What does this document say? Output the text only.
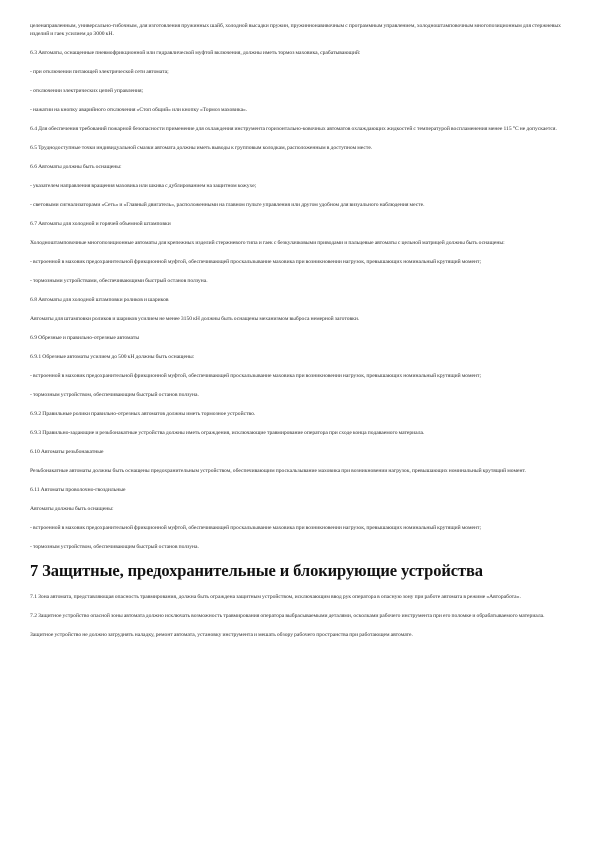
целенаправленным, универсально-гибочным, для изготовления пружинных шайб, холодной высадки пружин, пружиннонавивочным с программным управлением, холодноштамповочным многопозиционным для стержневых изделий и гаек усилием до 3000 кН.

6.3 Автоматы, оснащенные пневмофрикционной или гидравлической муфтой включения, должны иметь тормоз маховика, срабатывающий:

- при отключении питающей электрической сети автомата;

- отключении электрических цепей управления;

- нажатии на кнопку аварийного отключения «Стоп общий» или кнопку «Тормоз маховика».

6.4 Для обеспечения требований пожарной безопасности применение для охлаждения инструмента горизонтально-ковочных автоматов охлаждающих жидкостей с температурой воспламенения менее 115 °С не допускается.

6.5 Труднодоступные точки индивидуальной смазки автомата должны иметь выводы к групповым колодкам, расположенным в доступном месте.

6.6 Автоматы должны быть оснащены:

- указателем направления вращения маховика или шкива с дублированием на защитном кожухе;

- световыми сигнализаторами «Сеть» и «Главный двигатель», расположенными на главном пульте управления или другом удобном для визуального наблюдения месте.

6.7 Автоматы для холодной и горячей объемной штамповки

Холодноштамповочные многопозиционные автоматы для крепежных изделий стержневого типа и гаек с безкулачковыми приводами и пальцевые автоматы с цельной матрицей должны быть оснащены:

- встроенной в маховик предохранительной фрикционной муфтой, обеспечивающей проскальзывание маховика при возникновении нагрузок, превышающих номинальный крутящий момент;

- тормозными устройствами, обеспечивающими быстрый останов ползуна.

6.8 Автоматы для холодной штамповки роликов и шариков

Автоматы для штамповки роликов и шариков усилием не менее 3150 кН должны быть оснащены механизмом выброса немерной заготовки.

6.9 Обрезные и правильно-отрезные автоматы

6.9.1 Обрезные автоматы усилием до 500 кН должны быть оснащены:

- встроенной в маховик предохранительной фрикционной муфтой, обеспечивающей проскальзывание маховика при возникновении нагрузок, превышающих номинальный крутящий момент;

- тормозным устройством, обеспечивающим быстрый останов ползуна.

6.9.2 Правильные ролики правильно-отрезных автоматов должны иметь тормозное устройство.

6.9.3 Правильно-задающие и резьбонакатные устройства должны иметь ограждения, исключающие травмирование оператора при сходе конца подаваемого материала.

6.10 Автоматы резьбонакатные

Резьбонакатные автоматы должны быть оснащены предохранительным устройством, обеспечивающим проскальзывание маховика при возникновении нагрузок, превышающих номинальный крутящий момент.

6.11 Автоматы проволочно-гвоздильные

Автоматы должны быть оснащены:

- встроенной в маховик предохранительной фрикционной муфтой, обеспечивающей проскальзывание маховика при возникновении нагрузок, превышающих номинальный крутящий момент;

- тормозным устройством, обеспечивающим быстрый останов ползуна.

7 Защитные, предохранительные и блокирующие устройства

7.1 Зона автомата, представляющая опасность травмирования, должна быть ограждена защитным устройством, исключающим ввод рук оператора в опасную зону при работе автомата в режиме «Авторабота».

7.2 Защитное устройство опасной зоны автомата должно исключать возможность травмирования оператора выбрасываемыми деталями, осколками рабочего инструмента при его поломке и обрабатываемого материала.

Защитное устройство не должно затруднять наладку, ремонт автомата, установку инструмента и мешать обзору рабочего пространства при работающем автомате.
